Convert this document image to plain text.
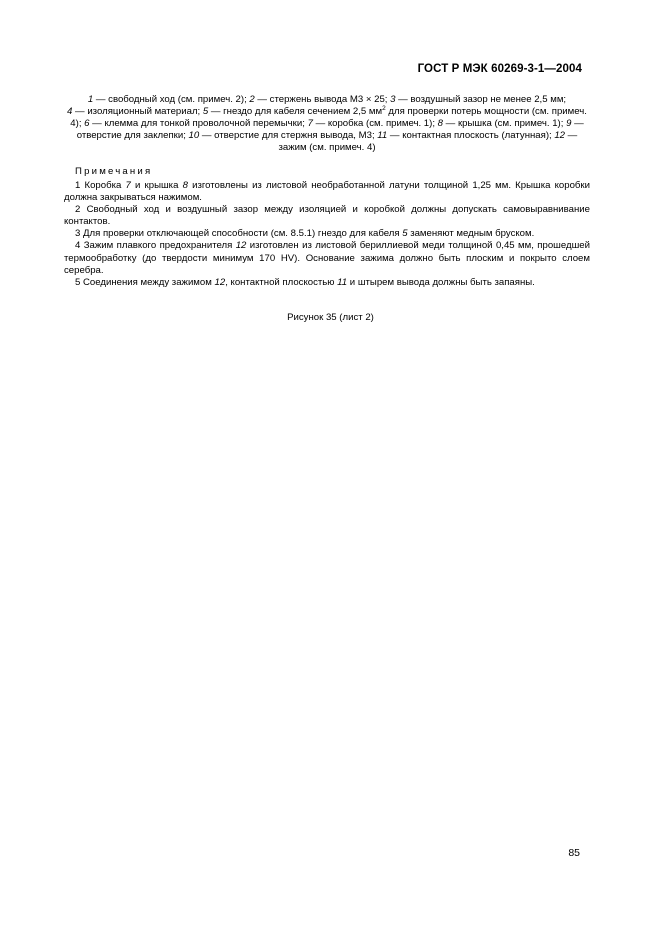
ГОСТ Р МЭК 60269-3-1—2004
1 — свободный ход (см. примеч. 2); 2 — стержень вывода М3 × 25; 3 — воздушный зазор не менее 2,5 мм;
4 — изоляционный материал; 5 — гнездо для кабеля сечением 2,5 $мм^2$ для проверки потерь мощности (см. примеч. 4); 6 — клемма для тонкой проволочной перемычки; 7 — коробка (см. примеч. 1); 8 — крышка (см. примеч. 1); 9 — отверстие для заклепки; 10 — отверстие для стержня вывода, М3; 11 — контактная плоскость (латунная); 12 — зажим (см. примеч. 4)
Примечания

1 Коробка 7 и крышка 8 изготовлены из листовой необработанной латуни толщиной 1,25 мм. Крышка коробки должна закрываться нажимом.

2 Свободный ход и воздушный зазор между изоляцией и коробкой должны допускать самовыравнивание контактов.

3 Для проверки отключающей способности (см. 8.5.1) гнездо для кабеля 5 заменяют медным бруском.

4 Зажим плавкого предохранителя 12 изготовлен из листовой бериллиевой меди толщиной 0,45 мм, прошедшей термообработку (до твердости минимум 170 HV). Основание зажима должно быть плоским и покрыто слоем серебра.

5 Соединения между зажимом 12, контактной плоскостью 11 и штырем вывода должны быть запаяны.

Рисунок 35 (лист 2)
85
